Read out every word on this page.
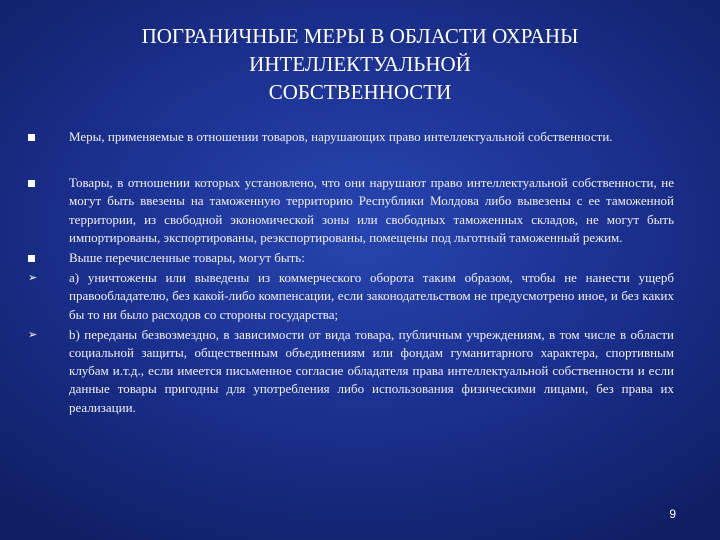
ПОГРАНИЧНЫЕ МЕРЫ В ОБЛАСТИ ОХРАНЫ
ИНТЕЛЛЕКТУАЛЬНОЙ
СОБСТВЕННОСТИ
Меры, применяемые в отношении товаров, нарушающих право интеллектуальной собственности.
Товары, в отношении которых установлено, что они нарушают право интеллектуальной собственности, не могут быть ввезены на таможенную территорию Республики Молдова либо вывезены с ее таможенной территории, из свободной экономической зоны или свободных таможенных складов, не могут быть импортированы, экспортированы, реэкспортированы, помещены под льготный таможенный режим.
Выше перечисленные товары, могут быть:
➢ a) уничтожены или выведены из коммерческого оборота таким образом, чтобы не нанести ущерб правообладателю, без какой-либо компенсации, если законодательством не предусмотрено иное, и без каких бы то ни было расходов со стороны государства;
➢ b) переданы безвозмездно, в зависимости от вида товара, публичным учреждениям, в том числе в области социальной защиты, общественным объединениям или фондам гуманитарного характера, спортивным клубам и.т.д., если имеется письменное согласие обладателя права интеллектуальной собственности и если данные товары пригодны для употребления либо использования физическими лицами, без права их реализации.
9
